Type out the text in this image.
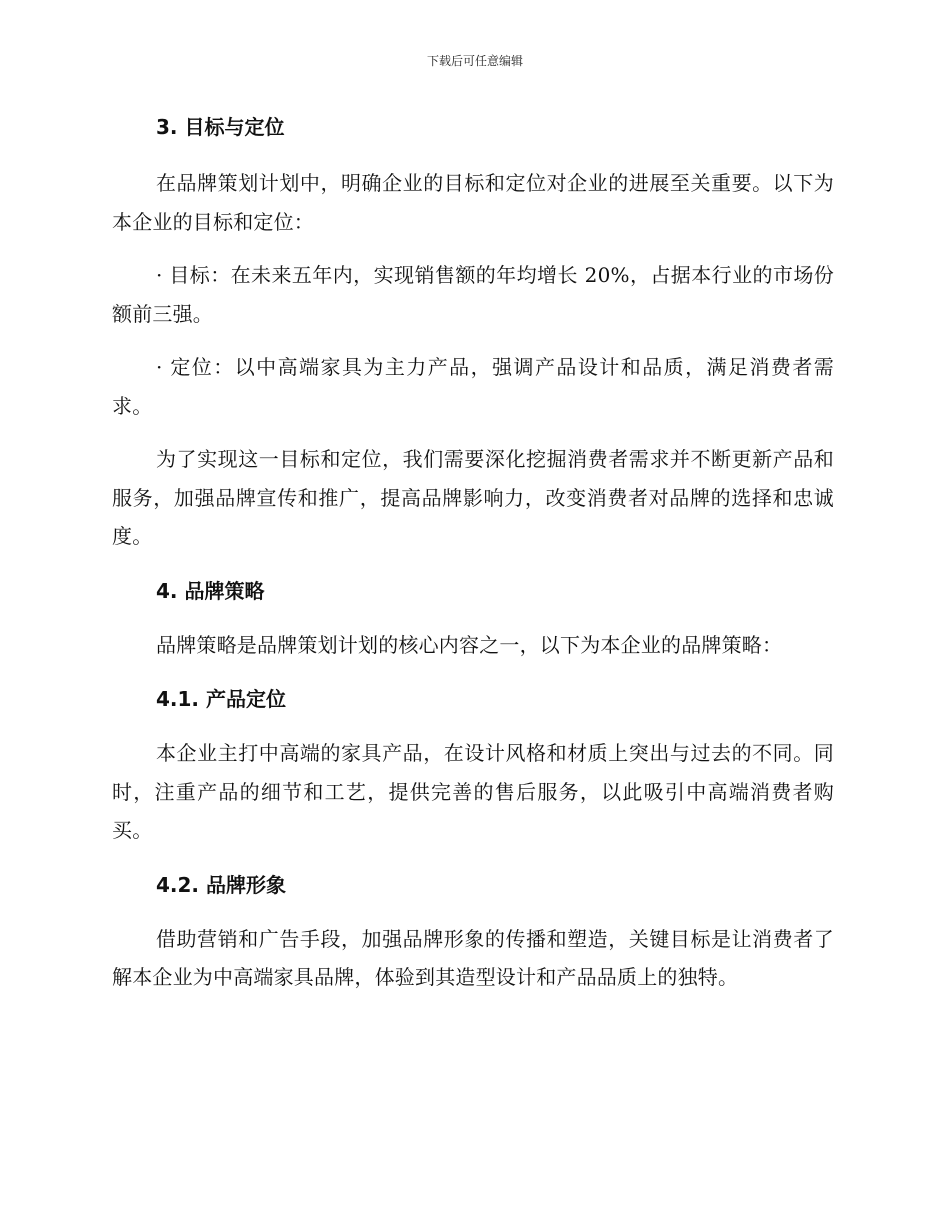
下载后可任意编辑
3. 目标与定位

在品牌策划计划中，明确企业的目标和定位对企业的进展至关重要。以下为本企业的目标和定位：

· 目标：在未来五年内，实现销售额的年均增长 20%，占据本行业的市场份额前三强。

· 定位：以中高端家具为主力产品，强调产品设计和品质，满足消费者需求。

为了实现这一目标和定位，我们需要深化挖掘消费者需求并不断更新产品和服务，加强品牌宣传和推广，提高品牌影响力，改变消费者对品牌的选择和忠诚度。

4. 品牌策略

品牌策略是品牌策划计划的核心内容之一，以下为本企业的品牌策略：

4.1. 产品定位

本企业主打中高端的家具产品，在设计风格和材质上突出与过去的不同。同时，注重产品的细节和工艺，提供完善的售后服务，以此吸引中高端消费者购买。

4.2. 品牌形象

借助营销和广告手段，加强品牌形象的传播和塑造，关键目标是让消费者了解本企业为中高端家具品牌，体验到其造型设计和产品品质上的独特。
